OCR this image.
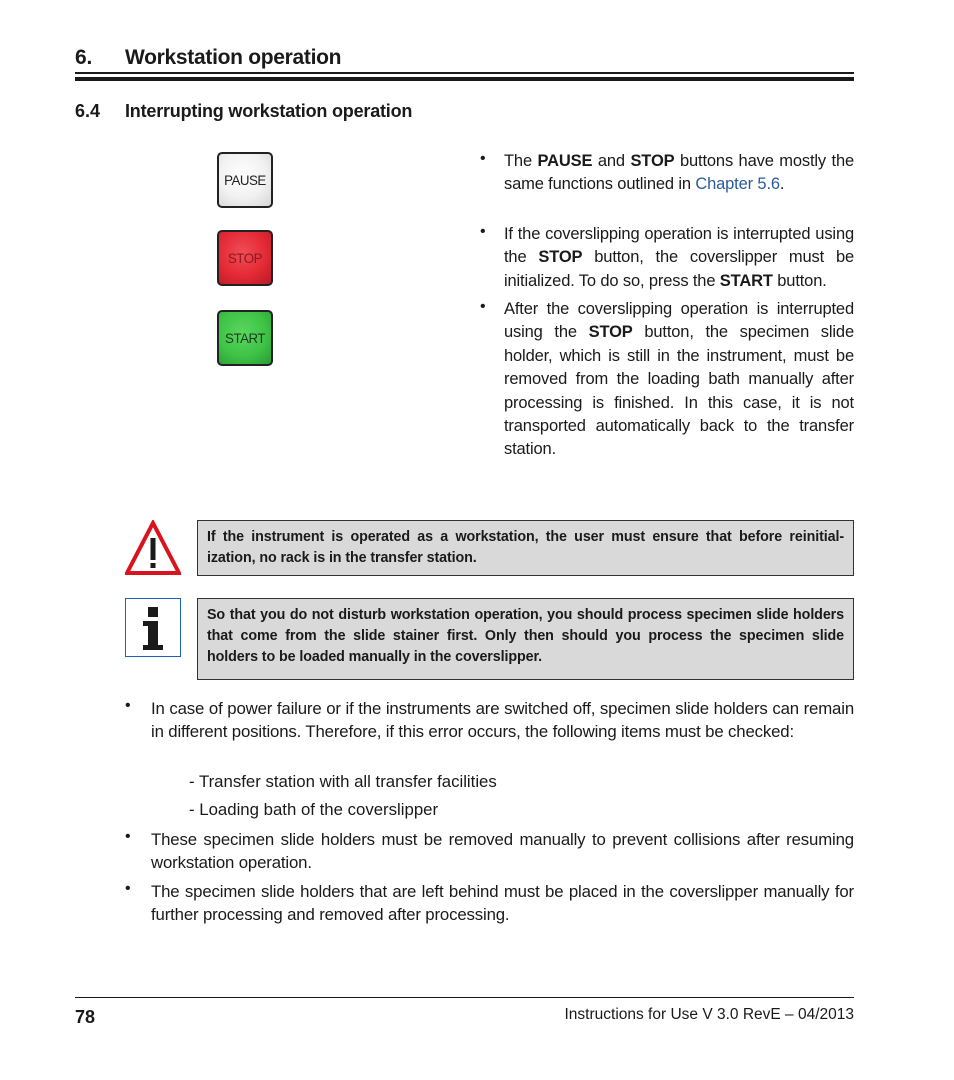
6. Workstation operation
6.4 Interrupting workstation operation
PAUSE
STOP
START
• The PAUSE and STOP buttons have mostly the same functions outlined in Chapter 5.6.
• If the coverslipping operation is interrupted using the STOP button, the coverslipper must be initialized. To do so, press the START button.
• After the coverslipping operation is interrupted using the STOP button, the specimen slide holder, which is still in the instrument, must be removed from the loading bath manually after processing is finished. In this case, it is not transported automatically back to the transfer station.
If the instrument is operated as a workstation, the user must ensure that before reinitial-ization, no rack is in the transfer station.
So that you do not disturb workstation operation, you should process specimen slide holders that come from the slide stainer first. Only then should you process the specimen slide holders to be loaded manually in the coverslipper.
• In case of power failure or if the instruments are switched off, specimen slide holders can remain in different positions. Therefore, if this error occurs, the following items must be checked:
- Transfer station with all transfer facilities
- Loading bath of the coverslipper
• These specimen slide holders must be removed manually to prevent collisions after resuming workstation operation.
• The specimen slide holders that are left behind must be placed in the coverslipper manually for further processing and removed after processing.
78	Instructions for Use V 3.0 RevE – 04/2013
